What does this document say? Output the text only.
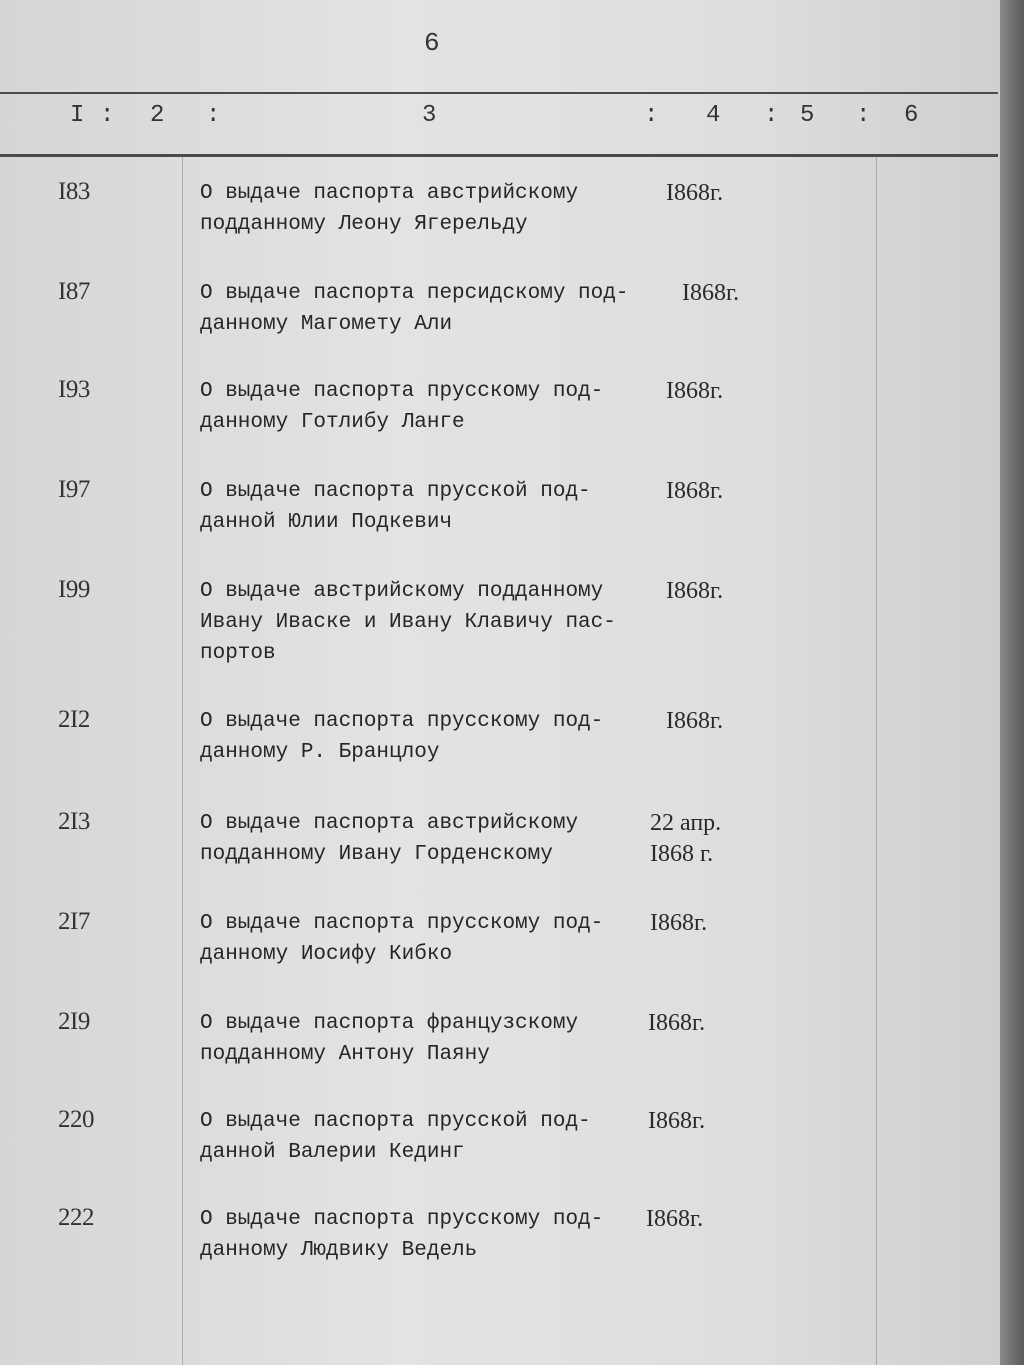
6
I : 2 :	3	: 4 : 5 : 6
I83	О выдаче паспорта австрийскому
подданному Леону Ягерельду
I868г.
I87	О выдаче паспорта персидскому под-
данному Магомету Али
I868г.
I93	О выдаче паспорта прусскому под-
данному Готлибу Ланге
I868г.
I97	О выдаче паспорта прусской под-
данной Юлии Подкевич
I868г.
I99	О выдаче австрийскому подданному
Ивану Иваске и Ивану Клавичу пас-
портов
I868г.
2I2	О выдаче паспорта прусскому под-
данному Р. Бранцлоу
I868г.
2I3	О выдаче паспорта австрийскому
подданному Ивану Горденскому
22 апр.
I868 г.
2I7	О выдаче паспорта прусскому под-
данному Иосифу Кибко
I868г.
2I9	О выдаче паспорта французскому
подданному Антону Паяну
I868г.
220	О выдаче паспорта прусской под-
данной Валерии Кединг
I868г.
222	О выдаче паспорта прусскому под-
данному Людвику Ведель
I868г.
